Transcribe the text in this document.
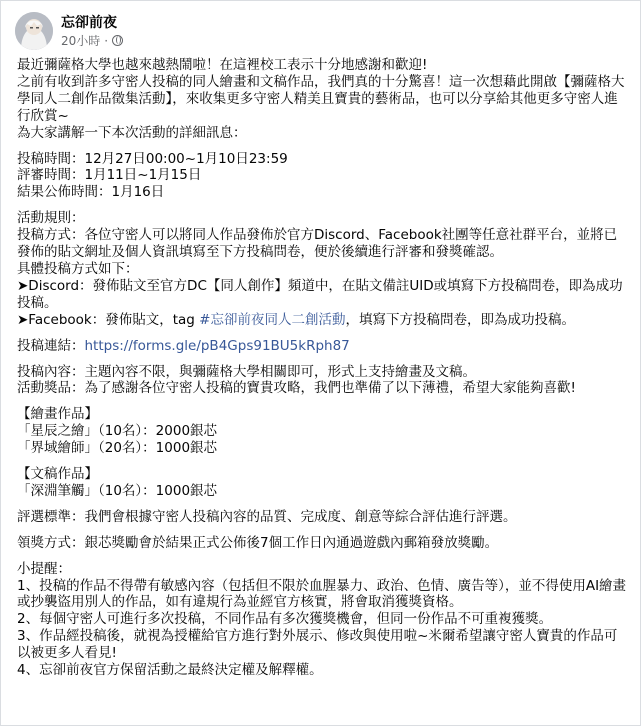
忘卻前夜
20小時 ·
最近彌薩格大學也越來越熱鬧啦！在這裡校工表示十分地感謝和歡迎!
之前有收到許多守密人投稿的同人繪畫和文稿作品，我們真的十分驚喜！這一次想藉此開啟【彌薩格大學同人二創作品徵集活動】，來收集更多守密人精美且寶貴的藝術品，也可以分享給其他更多守密人進行欣賞~
為大家講解一下本次活動的詳細訊息：
投稿時間：12月27日00:00~1月10日23:59
評審時間：1月11日~1月15日
結果公佈時間：1月16日
活動規則：
投稿方式：各位守密人可以將同人作品發佈於官方Discord、Facebook社團等任意社群平台，並將已發佈的貼文網址及個人資訊填寫至下方投稿問卷，便於後續進行評審和發獎確認。
具體投稿方式如下：
➤Discord：發佈貼文至官方DC【同人創作】頻道中，在貼文備註UID或填寫下方投稿問卷，即為成功投稿。
➤Facebook：發佈貼文，tag #忘卻前夜同人二創活動，填寫下方投稿問卷，即為成功投稿。
投稿連結：https://forms.gle/pB4Gps91BU5kRph87
投稿內容：主題內容不限，與彌薩格大學相關即可，形式上支持繪畫及文稿。
活動獎品：為了感謝各位守密人投稿的寶貴攻略，我們也準備了以下薄禮，希望大家能夠喜歡!
【繪畫作品】
「星辰之繪」（10名）：2000銀芯
「界域繪師」（20名）：1000銀芯
【文稿作品】
「深淵筆觸」（10名）：1000銀芯
評選標準：我們會根據守密人投稿內容的品質、完成度、創意等綜合評估進行評選。
領獎方式：銀芯獎勵會於結果正式公佈後7個工作日內通過遊戲內郵箱發放獎勵。
小提醒：
1、投稿的作品不得帶有敏感內容（包括但不限於血腥暴力、政治、色情、廣告等），並不得使用AI繪畫或抄襲盜用別人的作品，如有違規行為並經官方核實，將會取消獲獎資格。
2、每個守密人可進行多次投稿，不同作品有多次獲獎機會，但同一份作品不可重複獲獎。
3、作品經投稿後，就視為授權給官方進行對外展示、修改與使用啦~米爾希望讓守密人寶貴的作品可以被更多人看見!
4、忘卻前夜官方保留活動之最終決定權及解釋權。
